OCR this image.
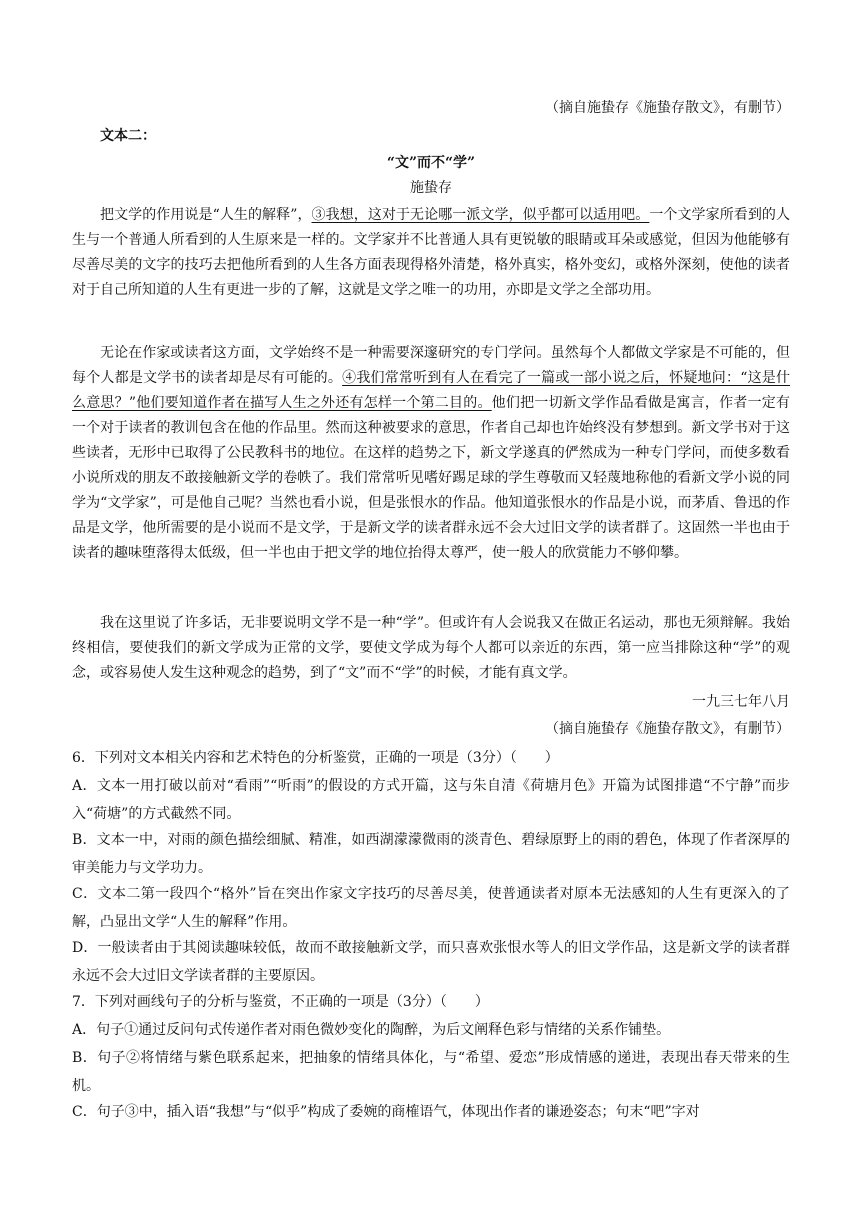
（摘自施蛰存《施蛰存散文》，有删节）
文本二：
“文”而不“学”
施蛰存
把文学的作用说是“人生的解释”，③我想，这对于无论哪一派文学，似乎都可以适用吧。一个文学家所看到的人生与一个普通人所看到的人生原来是一样的。文学家并不比普通人具有更锐敏的眼睛或耳朵或感觉，但因为他能够有尽善尽美的文字的技巧去把他所看到的人生各方面表现得格外清楚，格外真实，格外变幻，或格外深刻，使他的读者对于自己所知道的人生有更进一步的了解，这就是文学之唯一的功用，亦即是文学之全部功用。
无论在作家或读者这方面，文学始终不是一种需要深邃研究的专门学问。虽然每个人都做文学家是不可能的，但每个人都是文学书的读者却是尽有可能的。④我们常常听到有人在看完了一篇或一部小说之后，怀疑地问：“这是什么意思？”他们要知道作者在描写人生之外还有怎样一个第二目的。他们把一切新文学作品看做是寓言，作者一定有一个对于读者的教训包含在他的作品里。然而这种被要求的意思，作者自己却也许始终没有梦想到。新文学书对于这些读者，无形中已取得了公民教科书的地位。在这样的趋势之下，新文学遂真的俨然成为一种专门学问，而使多数看小说所戏的朋友不敢接触新文学的卷帙了。我们常常听见嗜好踢足球的学生尊敬而又轻蔑地称他的看新文学小说的同学为“文学家”，可是他自己呢？当然也看小说，但是张恨水的作品。他知道张恨水的作品是小说，而茅盾、鲁迅的作品是文学，他所需要的是小说而不是文学，于是新文学的读者群永远不会大过旧文学的读者群了。这固然一半也由于读者的趣味堕落得太低级，但一半也由于把文学的地位抬得太尊严，使一般人的欣赏能力不够仰攀。
我在这里说了许多话，无非要说明文学不是一种“学”。但或许有人会说我又在做正名运动，那也无须辩解。我始终相信，要使我们的新文学成为正常的文学，要使文学成为每个人都可以亲近的东西，第一应当排除这种“学”的观念，或容易使人发生这种观念的趋势，到了“文”而不“学”的时候，才能有真文学。
一九三七年八月
（摘自施蛰存《施蛰存散文》，有删节）
6．下列对文本相关内容和艺术特色的分析鉴赏，正确的一项是（3分）（　　）
A．文本一用打破以前对“看雨”“听雨”的假设的方式开篇，这与朱自清《荷塘月色》开篇为试图排遣“不宁静”而步入“荷塘”的方式截然不同。
B．文本一中，对雨的颜色描绘细腻、精准，如西湖濛濛微雨的淡青色、碧绿原野上的雨的碧色，体现了作者深厚的审美能力与文学功力。
C．文本二第一段四个“格外”旨在突出作家文字技巧的尽善尽美，使普通读者对原本无法感知的人生有更深入的了解，凸显出文学“人生的解释”作用。
D．一般读者由于其阅读趣味较低，故而不敢接触新文学，而只喜欢张恨水等人的旧文学作品，这是新文学的读者群永远不会大过旧文学读者群的主要原因。
7．下列对画线句子的分析与鉴赏，不正确的一项是（3分）（　　）
A．句子①通过反问句式传递作者对雨色微妙变化的陶醉，为后文阐释色彩与情绪的关系作铺垫。
B．句子②将情绪与紫色联系起来，把抽象的情绪具体化，与“希望、爱恋”形成情感的递进，表现出春天带来的生机。
C．句子③中，插入语“我想”与“似乎”构成了委婉的商榷语气，体现出作者的谦逊姿态；句末“吧”字对
